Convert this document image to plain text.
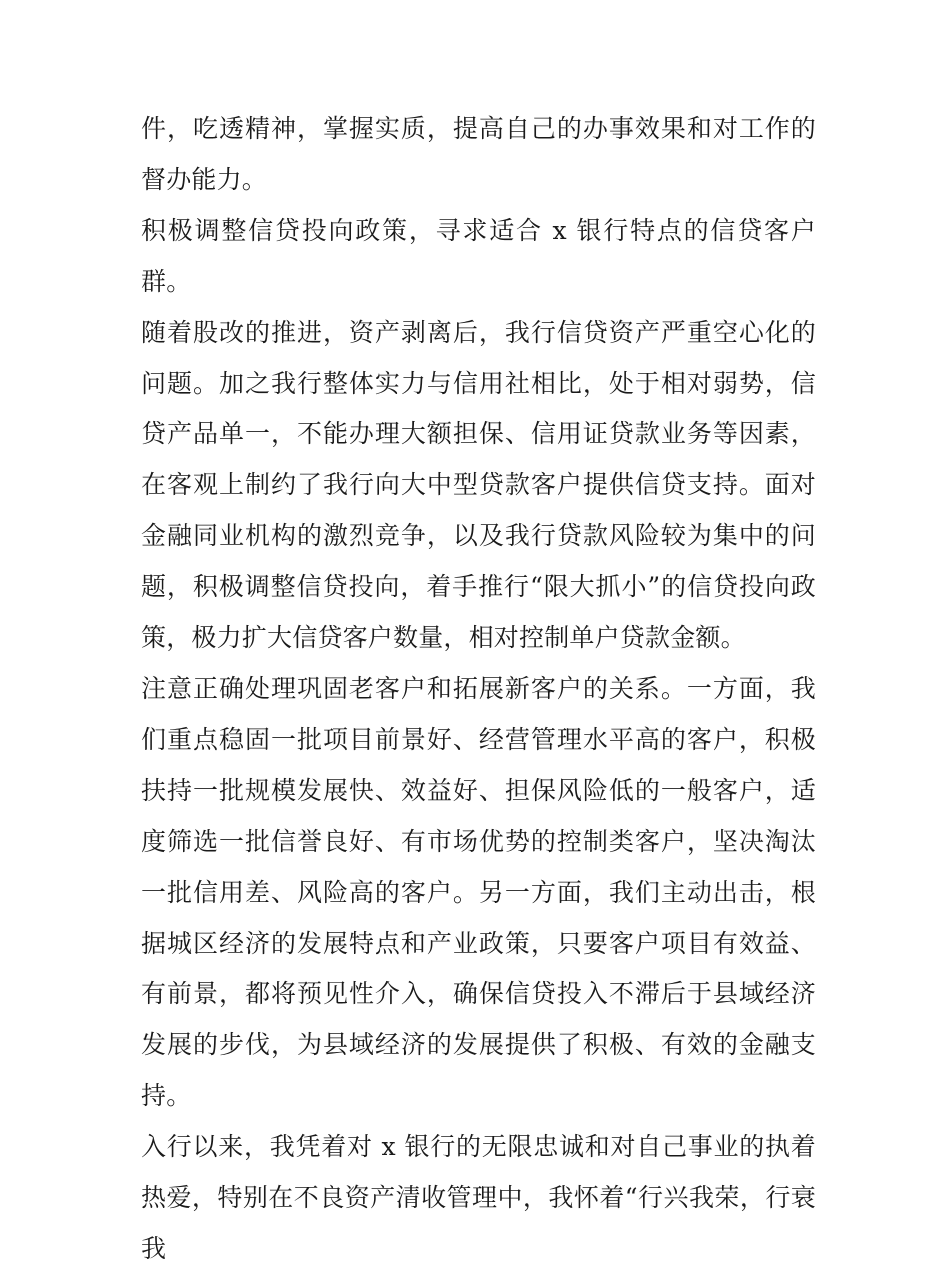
件，吃透精神，掌握实质，提高自己的办事效果和对工作的督办能力。

积极调整信贷投向政策，寻求适合 x 银行特点的信贷客户群。

随着股改的推进，资产剥离后，我行信贷资产严重空心化的问题。加之我行整体实力与信用社相比，处于相对弱势，信贷产品单一，不能办理大额担保、信用证贷款业务等因素，在客观上制约了我行向大中型贷款客户提供信贷支持。面对金融同业机构的激烈竞争，以及我行贷款风险较为集中的问题，积极调整信贷投向，着手推行“限大抓小”的信贷投向政策，极力扩大信贷客户数量，相对控制单户贷款金额。

注意正确处理巩固老客户和拓展新客户的关系。一方面，我们重点稳固一批项目前景好、经营管理水平高的客户，积极扶持一批规模发展快、效益好、担保风险低的一般客户，适度筛选一批信誉良好、有市场优势的控制类客户，坚决淘汰一批信用差、风险高的客户。另一方面，我们主动出击，根据城区经济的发展特点和产业政策，只要客户项目有效益、有前景，都将预见性介入，确保信贷投入不滞后于县域经济发展的步伐，为县域经济的发展提供了积极、有效的金融支持。

入行以来，我凭着对 x 银行的无限忠诚和对自己事业的执着热爱，特别在不良资产清收管理中，我怀着“行兴我荣，行衰我
